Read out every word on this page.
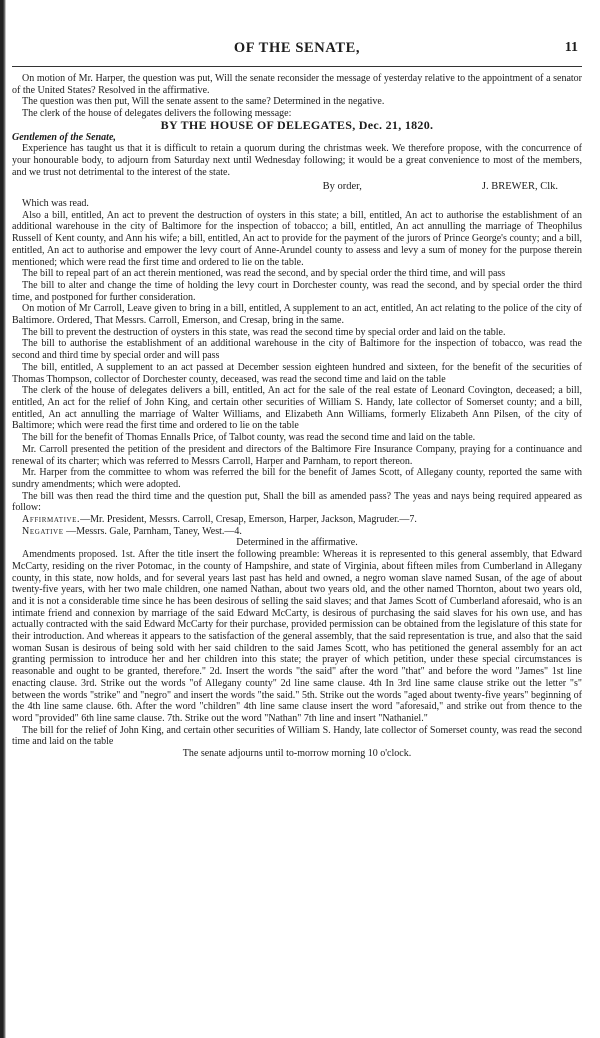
OF THE SENATE,	11

On motion of Mr. Harper, the question was put, Will the senate reconsider the message of yesterday relative to the appointment of a senator of the United States? Resolved in the affirmative.

The question was then put, Will the senate assent to the same? Determined in the negative.

The clerk of the house of delegates delivers the following message:

BY THE HOUSE OF DELEGATES, Dec. 21, 1820.

Gentlemen of the Senate,

Experience has taught us that it is difficult to retain a quorum during the christmas week. We therefore propose, with the concurrence of your honourable body, to adjourn from Saturday next until Wednesday following; it would be a great convenience to most of the members, and we trust not detrimental to the interest of the state.

By order,	J. BREWER, Clk.

Which was read.

Also a bill, entitled, An act to prevent the destruction of oysters in this state; a bill, entitled, An act to authorise the establishment of an additional warehouse in the city of Baltimore for the inspection of tobacco; a bill, entitled, An act annulling the marriage of Theophilus Russell of Kent county, and Ann his wife; a bill, entitled, An act to provide for the payment of the jurors of Prince George's county; and a bill, entitled, An act to authorise and empower the levy court of Anne-Arundel county to assess and levy a sum of money for the purpose therein mentioned; which were read the first time and ordered to lie on the table.

The bill to repeal part of an act therein mentioned, was read the second, and by special order the third time, and will pass

The bill to alter and change the time of holding the levy court in Dorchester county, was read the second, and by special order the third time, and postponed for further consideration.

On motion of Mr Carroll, Leave given to bring in a bill, entitled, A supplement to an act, entitled, An act relating to the police of the city of Baltimore. Ordered, That Messrs. Carroll, Emerson, and Cresap, bring in the same.

The bill to prevent the destruction of oysters in this state, was read the second time by special order and laid on the table.

The bill to authorise the establishment of an additional warehouse in the city of Baltimore for the inspection of tobacco, was read the second and third time by special order and will pass

The bill, entitled, A supplement to an act passed at December session eighteen hundred and sixteen, for the benefit of the securities of Thomas Thompson, collector of Dorchester county, deceased, was read the second time and laid on the table

The clerk of the house of delegates delivers a bill, entitled, An act for the sale of the real estate of Leonard Covington, deceased; a bill, entitled, An act for the relief of John King, and certain other securities of William S. Handy, late collector of Somerset county; and a bill, entitled, An act annulling the marriage of Walter Williams, and Elizabeth Ann Williams, formerly Elizabeth Ann Pilsen, of the city of Baltimore; which were read the first time and ordered to lie on the table

The bill for the benefit of Thomas Ennalls Price, of Talbot county, was read the second time and laid on the table.

Mr. Carroll presented the petition of the president and directors of the Baltimore Fire Insurance Company, praying for a continuance and renewal of its charter; which was referred to Messrs Carroll, Harper and Parnham, to report thereon.

Mr. Harper from the committee to whom was referred the bill for the benefit of James Scott, of Allegany county, reported the same with sundry amendments; which were adopted.

The bill was then read the third time and the question put, Shall the bill as amended pass? The yeas and nays being required appeared as follow:

Affirmative.—Mr. President, Messrs. Carroll, Cresap, Emerson, Harper, Jackson, Magruder.—7.

Negative —Messrs. Gale, Parnham, Taney, West.—4.

Determined in the affirmative.

Amendments proposed. 1st. After the title insert the following preamble: Whereas it is represented to this general assembly, that Edward McCarty, residing on the river Potomac, in the county of Hampshire, and state of Virginia, about fifteen miles from Cumberland in Allegany county, in this state, now holds, and for several years last past has held and owned, a negro woman slave named Susan, of the age of about twenty-five years, with her two male children, one named Nathan, about two years old, and the other named Thornton, about two years old, and it is not a considerable time since he has been desirous of selling the said slaves; and that James Scott of Cumberland aforesaid, who is an intimate friend and connexion by marriage of the said Edward McCarty, is desirous of purchasing the said slaves for his own use, and has actually contracted with the said Edward McCarty for their purchase, provided permission can be obtained from the legislature of this state for their introduction. And whereas it appears to the satisfaction of the general assembly, that the said representation is true, and also that the said woman Susan is desirous of being sold with her said children to the said James Scott, who has petitioned the general assembly for an act granting permission to introduce her and her children into this state; the prayer of which petition, under these special circumstances is reasonable and ought to be granted, therefore." 2d. Insert the words "the said" after the word "that" and before the word "James" 1st line enacting clause. 3rd. Strike out the words "of Allegany county" 2d line same clause. 4th In 3rd line same clause strike out the letter "s" between the words "strike" and "negro" and insert the words "the said." 5th. Strike out the words "aged about twenty-five years" beginning of the 4th line same clause. 6th. After the word "children" 4th line same clause insert the word "aforesaid," and strike out from thence to the word "provided" 6th line same clause. 7th. Strike out the word "Nathan" 7th line and insert "Nathaniel."

The bill for the relief of John King, and certain other securities of William S. Handy, late collector of Somerset county, was read the second time and laid on the table

The senate adjourns until to-morrow morning 10 o'clock.
